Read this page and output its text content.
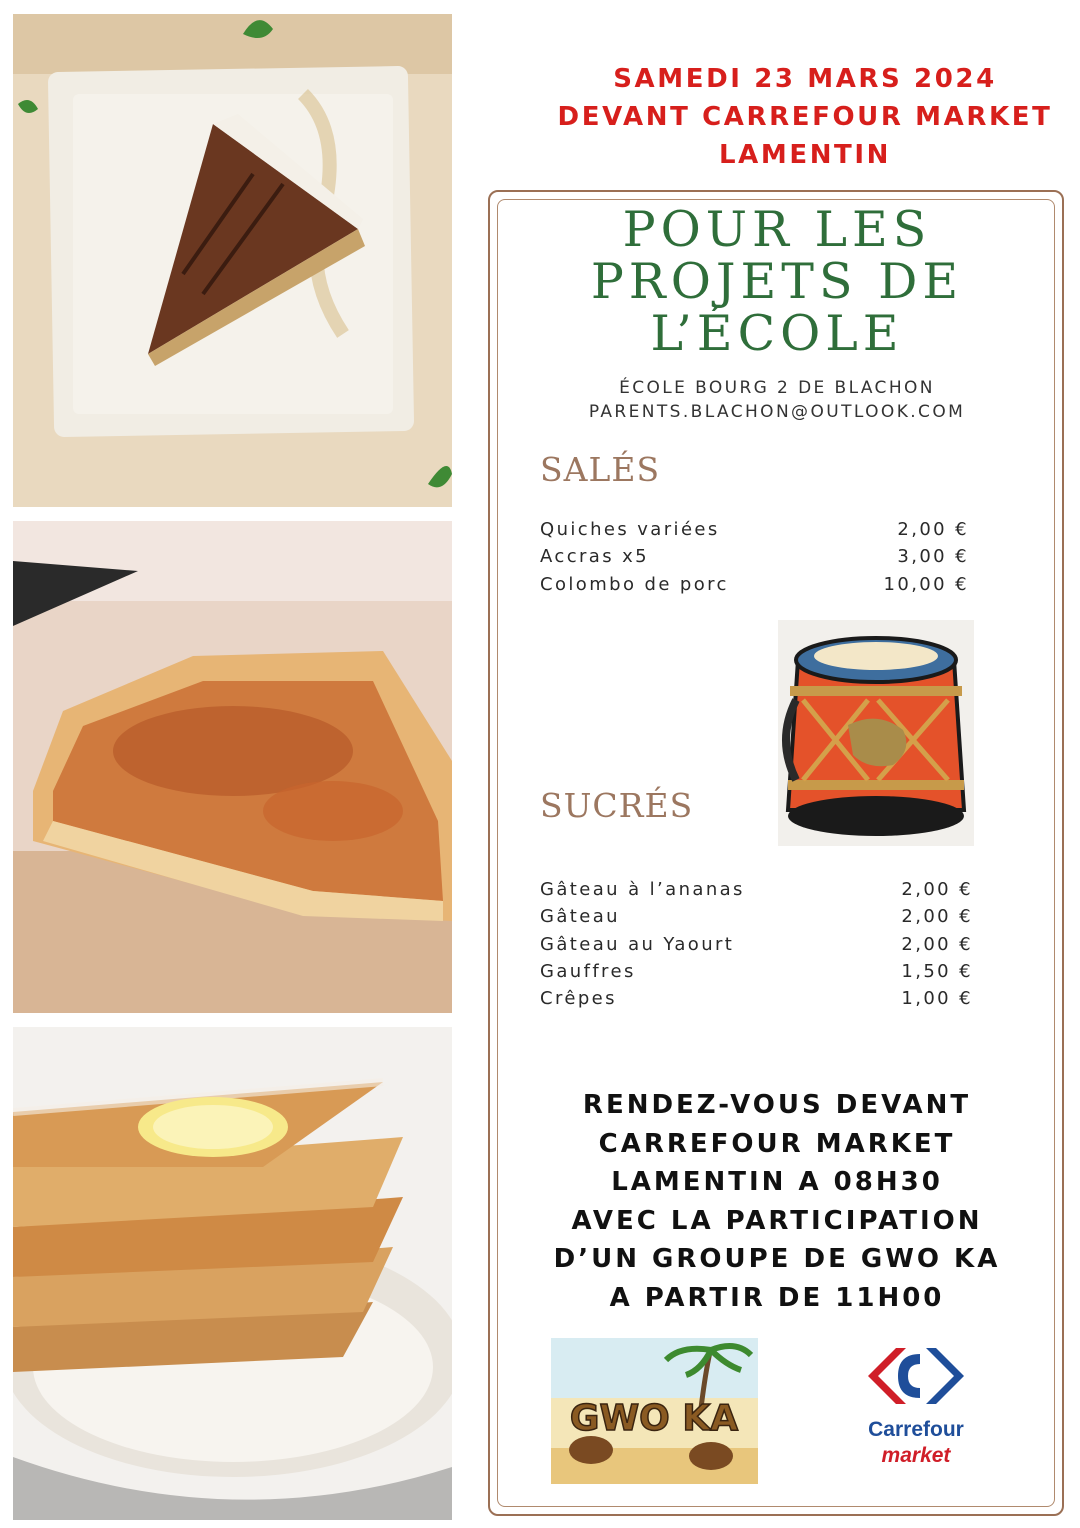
SAMEDI 23 MARS 2024
DEVANT CARREFOUR MARKET
LAMENTIN
POUR LES
PROJETS DE
L’ÉCOLE
ÉCOLE BOURG 2 DE BLACHON
PARENTS.BLACHON@OUTLOOK.COM
SALÉS
Quiches variées	2,00 €
Accras x5	3,00 €
Colombo de porc	10,00 €
SUCRÉS
Gâteau à l’ananas	2,00 €
Gâteau	2,00 €
Gâteau au Yaourt	2,00 €
Gauffres	1,50 €
Crêpes	1,00 €
RENDEZ-VOUS DEVANT
CARREFOUR MARKET
LAMENTIN A 08H30
AVEC LA PARTICIPATION
D’UN GROUPE DE GWO KA
A PARTIR DE 11H00
GWO KA	Carrefour
market
